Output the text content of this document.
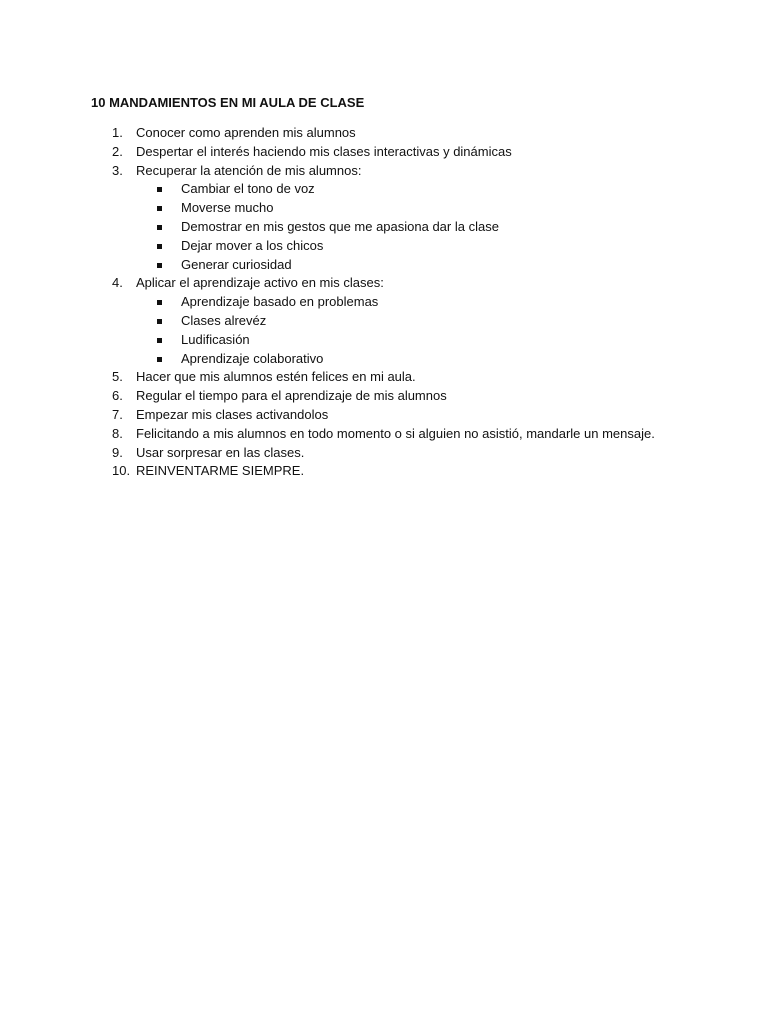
10 MANDAMIENTOS EN MI AULA DE CLASE
1.	Conocer como aprenden mis alumnos
2.	Despertar el interés haciendo mis clases interactivas y dinámicas
3.	Recuperar la atención de mis alumnos:
Cambiar el tono de voz
Moverse mucho
Demostrar en mis gestos que me apasiona dar la clase
Dejar mover a los chicos
Generar curiosidad
4.	Aplicar el aprendizaje activo en mis clases:
Aprendizaje basado en problemas
Clases alrevéz
Ludificasión
Aprendizaje colaborativo
5.	Hacer que mis alumnos estén felices en mi aula.
6.	Regular el tiempo para el aprendizaje de mis alumnos
7.	Empezar mis clases activandolos
8.	Felicitando a mis alumnos en todo momento o si alguien no asistió, mandarle un mensaje.
9.	Usar sorpresar en las clases.
10. REINVENTARME SIEMPRE.
